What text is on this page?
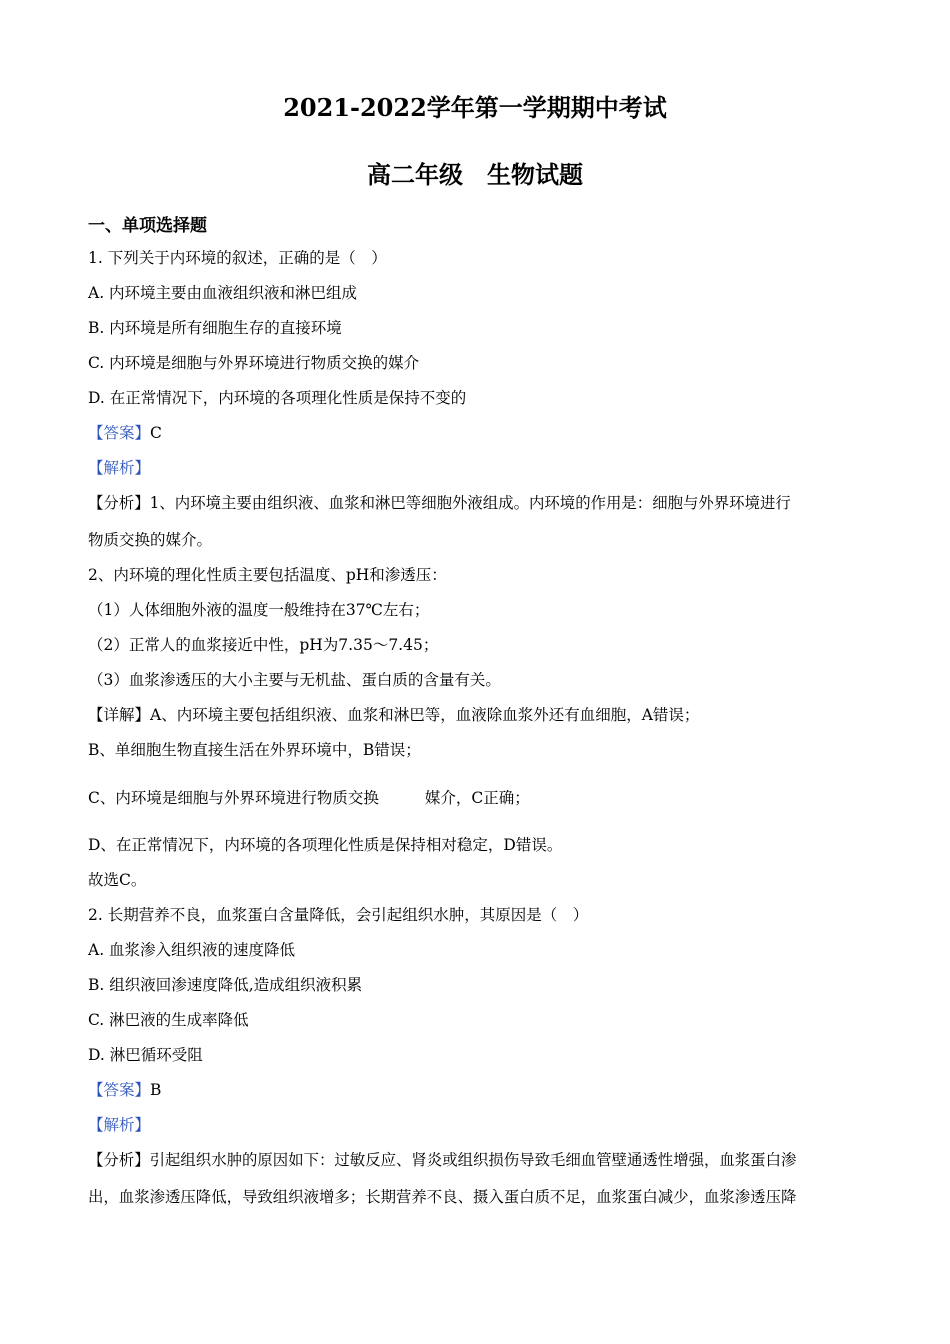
2021-2022学年第一学期期中考试
高二年级　生物试题
一、单项选择题

1. 下列关于内环境的叙述，正确的是（　）

A. 内环境主要由血液组织液和淋巴组成

B. 内环境是所有细胞生存的直接环境

C. 内环境是细胞与外界环境进行物质交换的媒介

D. 在正常情况下，内环境的各项理化性质是保持不变的

【答案】C

【解析】

【分析】1、内环境主要由组织液、血浆和淋巴等细胞外液组成。内环境的作用是：细胞与外界环境进行

物质交换的媒介。

2、内环境的理化性质主要包括温度、pH和渗透压：

（1）人体细胞外液的温度一般维持在37℃左右；

（2）正常人的血浆接近中性，pH为7.35～7.45；

（3）血浆渗透压的大小主要与无机盐、蛋白质的含量有关。

【详解】A、内环境主要包括组织液、血浆和淋巴等，血液除血浆外还有血细胞，A错误；

B、单细胞生物直接生活在外界环境中，B错误；

C、内环境是细胞与外界环境进行物质交换	媒介，C正确；

D、在正常情况下，内环境的各项理化性质是保持相对稳定，D错误。

故选C。

2. 长期营养不良，血浆蛋白含量降低，会引起组织水肿，其原因是（　）

A. 血浆渗入组织液的速度降低

B. 组织液回渗速度降低,造成组织液积累

C. 淋巴液的生成率降低

D. 淋巴循环受阻

【答案】B

【解析】

【分析】引起组织水肿的原因如下：过敏反应、肾炎或组织损伤导致毛细血管壁通透性增强，血浆蛋白渗

出，血浆渗透压降低，导致组织液增多；长期营养不良、摄入蛋白质不足，血浆蛋白减少，血浆渗透压降
